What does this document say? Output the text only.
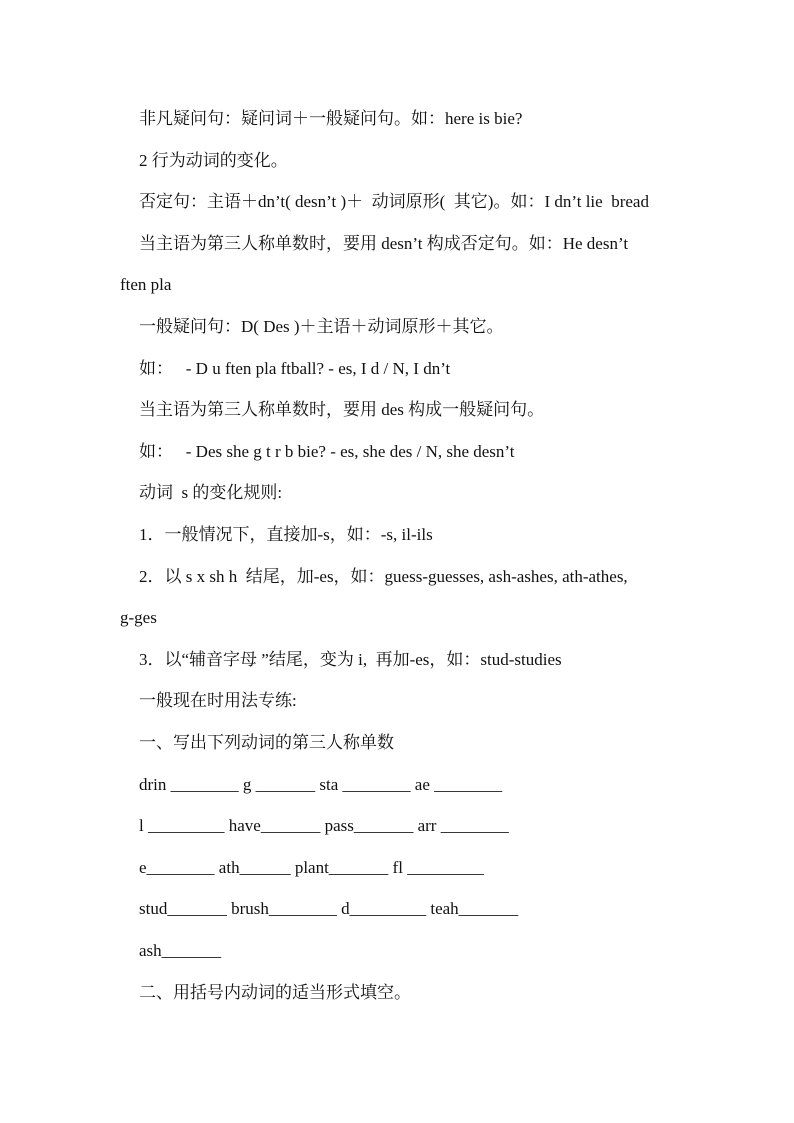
非凡疑问句：疑问词＋一般疑问句。如：here is bie?
2 行为动词的变化。
否定句：主语＋dn’t( desn’t )＋  动词原形(  其它)。如：I dn’t lie  bread
当主语为第三人称单数时，要用 desn’t 构成否定句。如：He desn’t
ften pla
一般疑问句：D( Des )＋主语＋动词原形＋其它。
如：   - D u ften pla ftball? - es, I d / N, I dn’t
当主语为第三人称单数时，要用 des 构成一般疑问句。
如：   - Des she g t r b bie? - es, she des / N, she desn’t
动词  s 的变化规则:
1．一般情况下，直接加-s，如：-s, il-ils
2．以 s x sh h  结尾，加-es，如：guess-guesses, ash-ashes, ath-athes,
g-ges
3．以“辅音字母 ”结尾，变为 i,  再加-es，如：stud-studies
一般现在时用法专练:
一、写出下列动词的第三人称单数
drin ________ g _______ sta ________ ae ________
l _________ have_______ pass_______ arr ________
e________ ath______ plant_______ fl _________
stud_______ brush________ d_________ teah_______
ash_______
二、用括号内动词的适当形式填空。
